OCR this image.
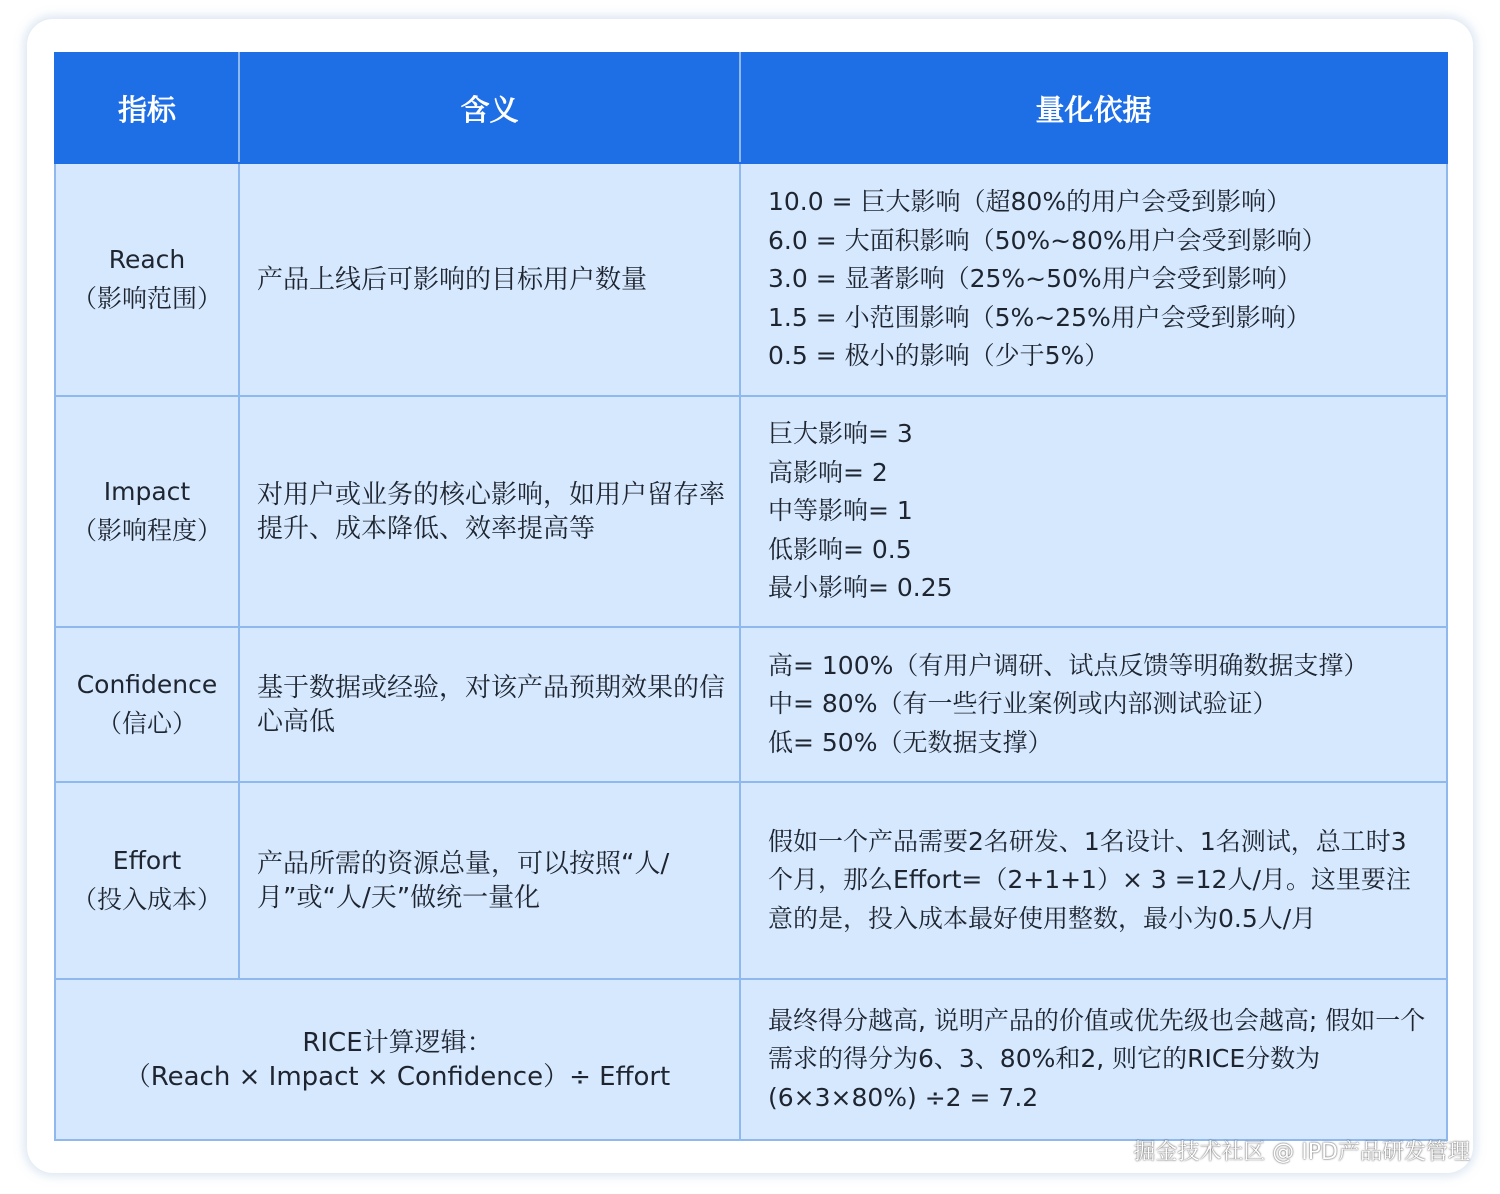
指标	含义	量化依据

Reach
（影响范围）	产品上线后可影响的目标用户数量	10.0 = 巨大影响（超80%的用户会受到影响）
6.0 = 大面积影响（50%~80%用户会受到影响）
3.0 = 显著影响（25%~50%用户会受到影响）
1.5 = 小范围影响（5%~25%用户会受到影响）
0.5 = 极小的影响（少于5%）

Impact
（影响程度）	对用户或业务的核心影响，如用户留存率提升、成本降低、效率提高等	巨大影响= 3
高影响= 2
中等影响= 1
低影响= 0.5
最小影响= 0.25

Confidence
（信心）	基于数据或经验，对该产品预期效果的信心高低	高= 100%（有用户调研、试点反馈等明确数据支撑）
中= 80%（有一些行业案例或内部测试验证）
低= 50%（无数据支撑）

Effort
（投入成本）	产品所需的资源总量，可以按照“人/月”或“人/天”做统一量化	假如一个产品需要2名研发、1名设计、1名测试，总工时3个月，那么Effort=（2+1+1）× 3 =12人/月。这里要注意的是，投入成本最好使用整数，最小为0.5人/月

RICE计算逻辑：
（Reach × Impact × Confidence）÷ Effort		最终得分越高, 说明产品的价值或优先级也会越高; 假如一个需求的得分为6、3、80%和2, 则它的RICE分数为 (6×3×80%) ÷2 = 7.2
掘金技术社区 @ IPD产品研发管理
